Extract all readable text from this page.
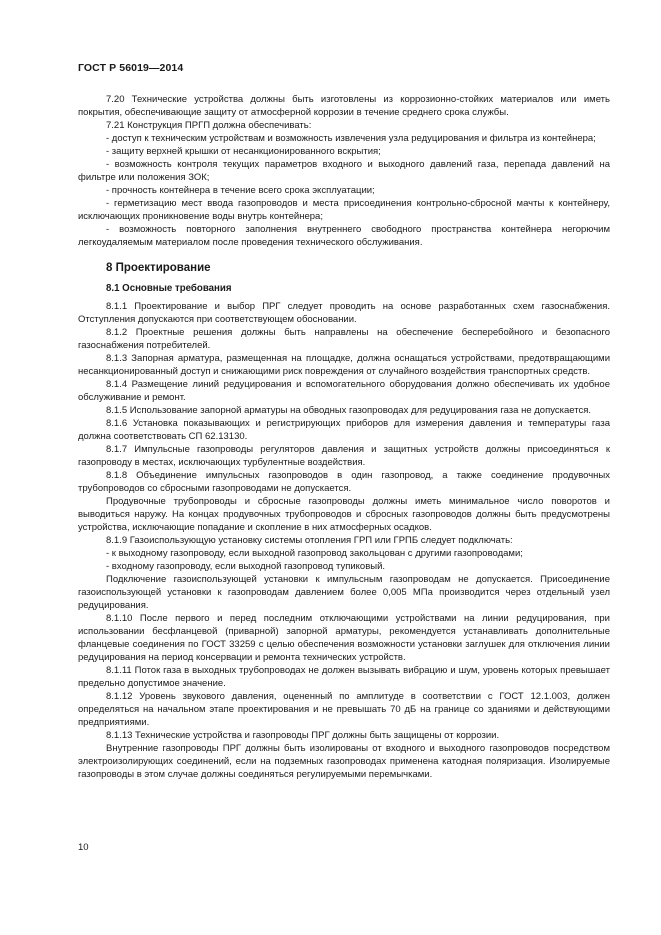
ГОСТ Р 56019—2014

7.20 Технические устройства должны быть изготовлены из коррозионно-стойких материалов или иметь покрытия, обеспечивающие защиту от атмосферной коррозии в течение среднего срока службы.

7.21 Конструкция ПРГП должна обеспечивать:

- доступ к техническим устройствам и возможность извлечения узла редуцирования и фильтра из контейнера;

- защиту верхней крышки от несанкционированного вскрытия;

- возможность контроля текущих параметров входного и выходного давлений газа, перепада давлений на фильтре или положения ЗОК;

- прочность контейнера в течение всего срока эксплуатации;

- герметизацию мест ввода газопроводов и места присоединения контрольно-сбросной мачты к контейнеру, исключающих проникновение воды внутрь контейнера;

- возможность повторного заполнения внутреннего свободного пространства контейнера негорючим легкоудаляемым материалом после проведения технического обслуживания.

8 Проектирование

8.1 Основные требования

8.1.1 Проектирование и выбор ПРГ следует проводить на основе разработанных схем газоснабжения. Отступления допускаются при соответствующем обосновании.

8.1.2 Проектные решения должны быть направлены на обеспечение бесперебойного и безопасного газоснабжения потребителей.

8.1.3 Запорная арматура, размещенная на площадке, должна оснащаться устройствами, предотвращающими несанкционированный доступ и снижающими риск повреждения от случайного воздействия транспортных средств.

8.1.4 Размещение линий редуцирования и вспомогательного оборудования должно обеспечивать их удобное обслуживание и ремонт.

8.1.5 Использование запорной арматуры на обводных газопроводах для редуцирования газа не допускается.

8.1.6 Установка показывающих и регистрирующих приборов для измерения давления и температуры газа должна соответствовать СП 62.13130.

8.1.7 Импульсные газопроводы регуляторов давления и защитных устройств должны присоединяться к газопроводу в местах, исключающих турбулентные воздействия.

8.1.8 Объединение импульсных газопроводов в один газопровод, а также соединение продувочных трубопроводов со сбросными газопроводами не допускается.

Продувочные трубопроводы и сбросные газопроводы должны иметь минимальное число поворотов и выводиться наружу. На концах продувочных трубопроводов и сбросных газопроводов должны быть предусмотрены устройства, исключающие попадание и скопление в них атмосферных осадков.

8.1.9 Газоиспользующую установку системы отопления ГРП или ГРПБ следует подключать:

- к выходному газопроводу, если выходной газопровод закольцован с другими газопроводами;

- входному газопроводу, если выходной газопровод тупиковый.

Подключение газоиспользующей установки к импульсным газопроводам не допускается. Присоединение газоиспользующей установки к газопроводам давлением более 0,005 МПа производится через отдельный узел редуцирования.

8.1.10 После первого и перед последним отключающими устройствами на линии редуцирования, при использовании бесфланцевой (приварной) запорной арматуры, рекомендуется устанавливать дополнительные фланцевые соединения по ГОСТ 33259 с целью обеспечения возможности установки заглушек для отключения линии редуцирования на период консервации и ремонта технических устройств.

8.1.11 Поток газа в выходных трубопроводах не должен вызывать вибрацию и шум, уровень которых превышает предельно допустимое значение.

8.1.12 Уровень звукового давления, оцененный по амплитуде в соответствии с ГОСТ 12.1.003, должен определяться на начальном этапе проектирования и не превышать 70 дБ на границе со зданиями и действующими предприятиями.

8.1.13 Технические устройства и газопроводы ПРГ должны быть защищены от коррозии.

Внутренние газопроводы ПРГ должны быть изолированы от входного и выходного газопроводов посредством электроизолирующих соединений, если на подземных газопроводах применена катодная поляризация. Изолируемые газопроводы в этом случае должны соединяться регулируемыми перемычками.

10
